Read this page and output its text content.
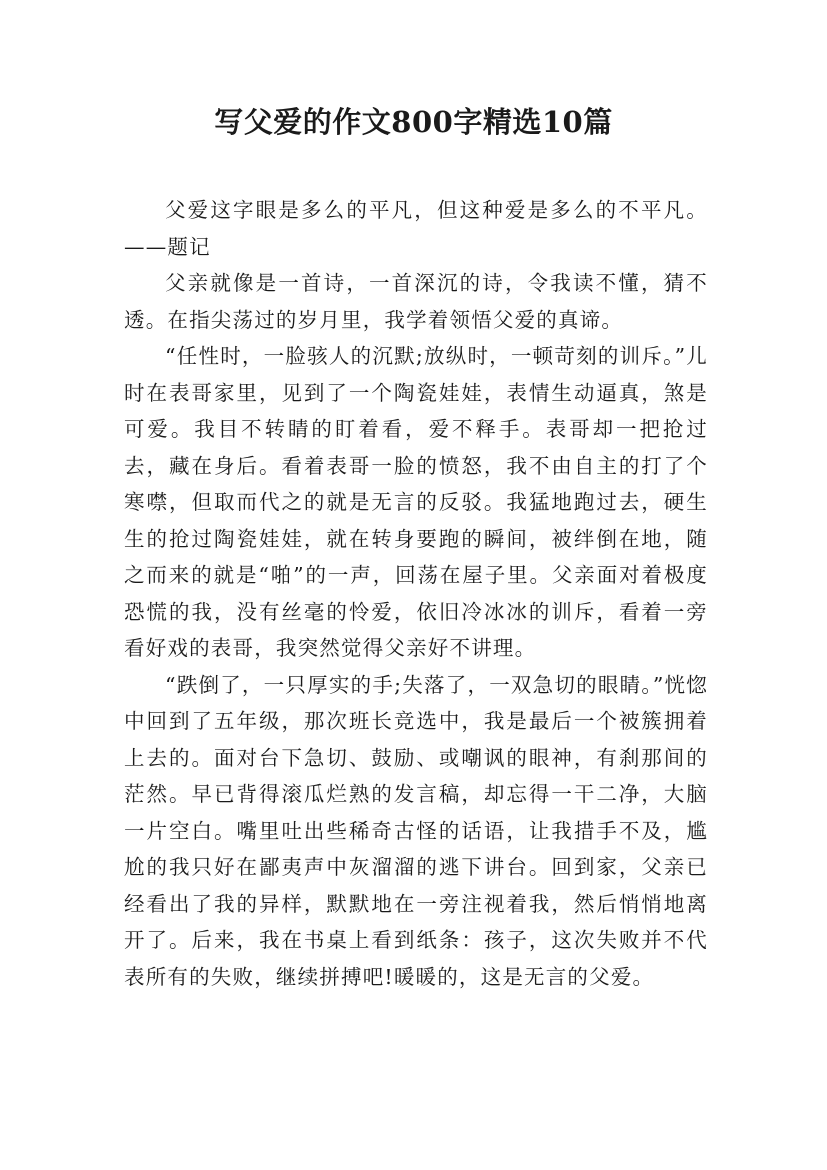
写父爱的作文800字精选10篇

父爱这字眼是多么的平凡，但这种爱是多么的不平凡。——题记

父亲就像是一首诗，一首深沉的诗，令我读不懂，猜不透。在指尖荡过的岁月里，我学着领悟父爱的真谛。

“任性时，一脸骇人的沉默;放纵时，一顿苛刻的训斥。”儿时在表哥家里，见到了一个陶瓷娃娃，表情生动逼真，煞是可爱。我目不转睛的盯着看，爱不释手。表哥却一把抢过去，藏在身后。看着表哥一脸的愤怒，我不由自主的打了个寒噤，但取而代之的就是无言的反驳。我猛地跑过去，硬生生的抢过陶瓷娃娃，就在转身要跑的瞬间，被绊倒在地，随之而来的就是“啪”的一声，回荡在屋子里。父亲面对着极度恐慌的我，没有丝毫的怜爱，依旧冷冰冰的训斥，看着一旁看好戏的表哥，我突然觉得父亲好不讲理。

“跌倒了，一只厚实的手;失落了，一双急切的眼睛。”恍惚中回到了五年级，那次班长竞选中，我是最后一个被簇拥着上去的。面对台下急切、鼓励、或嘲讽的眼神，有刹那间的茫然。早已背得滚瓜烂熟的发言稿，却忘得一干二净，大脑一片空白。嘴里吐出些稀奇古怪的话语，让我措手不及，尴尬的我只好在鄙夷声中灰溜溜的逃下讲台。回到家，父亲已经看出了我的异样，默默地在一旁注视着我，然后悄悄地离开了。后来，我在书桌上看到纸条：孩子，这次失败并不代表所有的失败，继续拼搏吧!暖暖的，这是无言的父爱。
